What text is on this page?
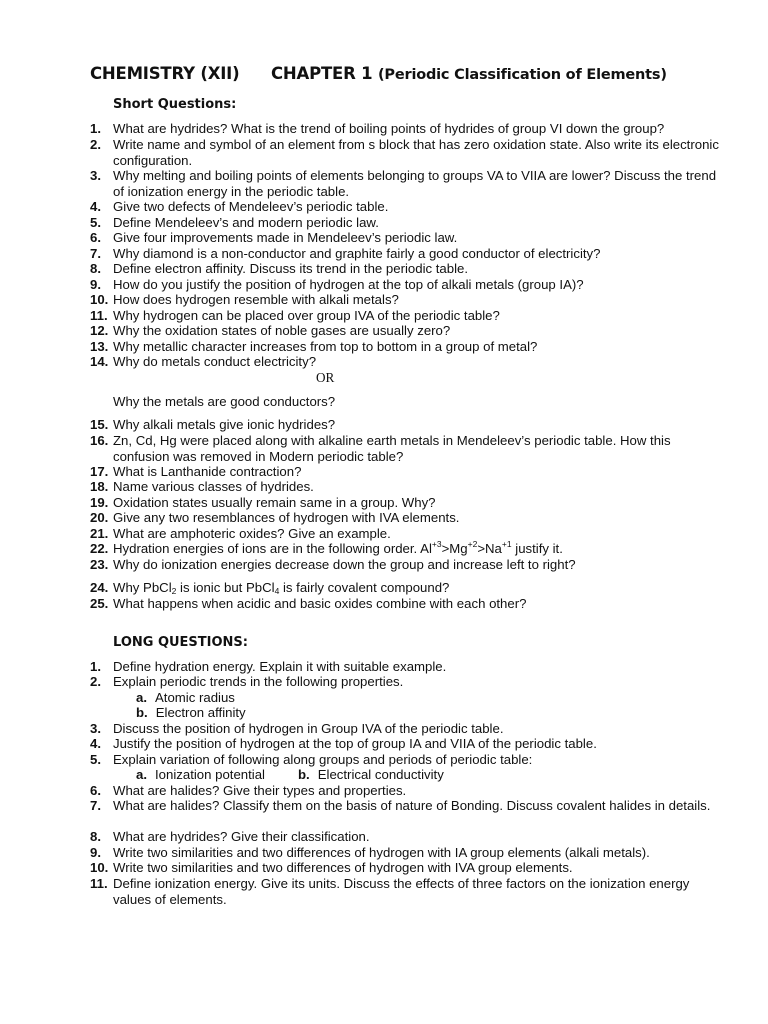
CHEMISTRY (XII) CHAPTER 1 (Periodic Classification of Elements)
Short Questions:
1. What are hydrides? What is the trend of boiling points of hydrides of group VI down the group?
2. Write name and symbol of an element from s block that has zero oxidation state. Also write its electronic configuration.
3. Why melting and boiling points of elements belonging to groups VA to VIIA are lower? Discuss the trend of ionization energy in the periodic table.
4. Give two defects of Mendeleev’s periodic table.
5. Define Mendeleev’s and modern periodic law.
6. Give four improvements made in Mendeleev’s periodic law.
7. Why diamond is a non-conductor and graphite fairly a good conductor of electricity?
8. Define electron affinity. Discuss its trend in the periodic table.
9. How do you justify the position of hydrogen at the top of alkali metals (group IA)?
10. How does hydrogen resemble with alkali metals?
11. Why hydrogen can be placed over group IVA of the periodic table?
12. Why the oxidation states of noble gases are usually zero?
13. Why metallic character increases from top to bottom in a group of metal?
14. Why do metals conduct electricity?
OR
Why the metals are good conductors?
15. Why alkali metals give ionic hydrides?
16. Zn, Cd, Hg were placed along with alkaline earth metals in Mendeleev’s periodic table. How this confusion was removed in Modern periodic table?
17. What is Lanthanide contraction?
18. Name various classes of hydrides.
19. Oxidation states usually remain same in a group. Why?
20. Give any two resemblances of hydrogen with IVA elements.
21. What are amphoteric oxides? Give an example.
22. Hydration energies of ions are in the following order. $Al^{+3}>Mg^{+2}>Na^{+1}$ justify it.
23. Why do ionization energies decrease down the group and increase left to right?
24. Why PbCl2 is ionic but PbCl4 is fairly covalent compound?
25. What happens when acidic and basic oxides combine with each other?
LONG QUESTIONS:
1. Define hydration energy. Explain it with suitable example.
2. Explain periodic trends in the following properties.
a. Atomic radius
b. Electron affinity
3. Discuss the position of hydrogen in Group IVA of the periodic table.
4. Justify the position of hydrogen at the top of group IA and VIIA of the periodic table.
5. Explain variation of following along groups and periods of periodic table:
a. Ionization potential	b. Electrical conductivity
6. What are halides? Give their types and properties.
7. What are halides? Classify them on the basis of nature of Bonding. Discuss covalent halides in details.
8. What are hydrides? Give their classification.
9. Write two similarities and two differences of hydrogen with IA group elements (alkali metals).
10. Write two similarities and two differences of hydrogen with IVA group elements.
11. Define ionization energy. Give its units. Discuss the effects of three factors on the ionization energy values of elements.
